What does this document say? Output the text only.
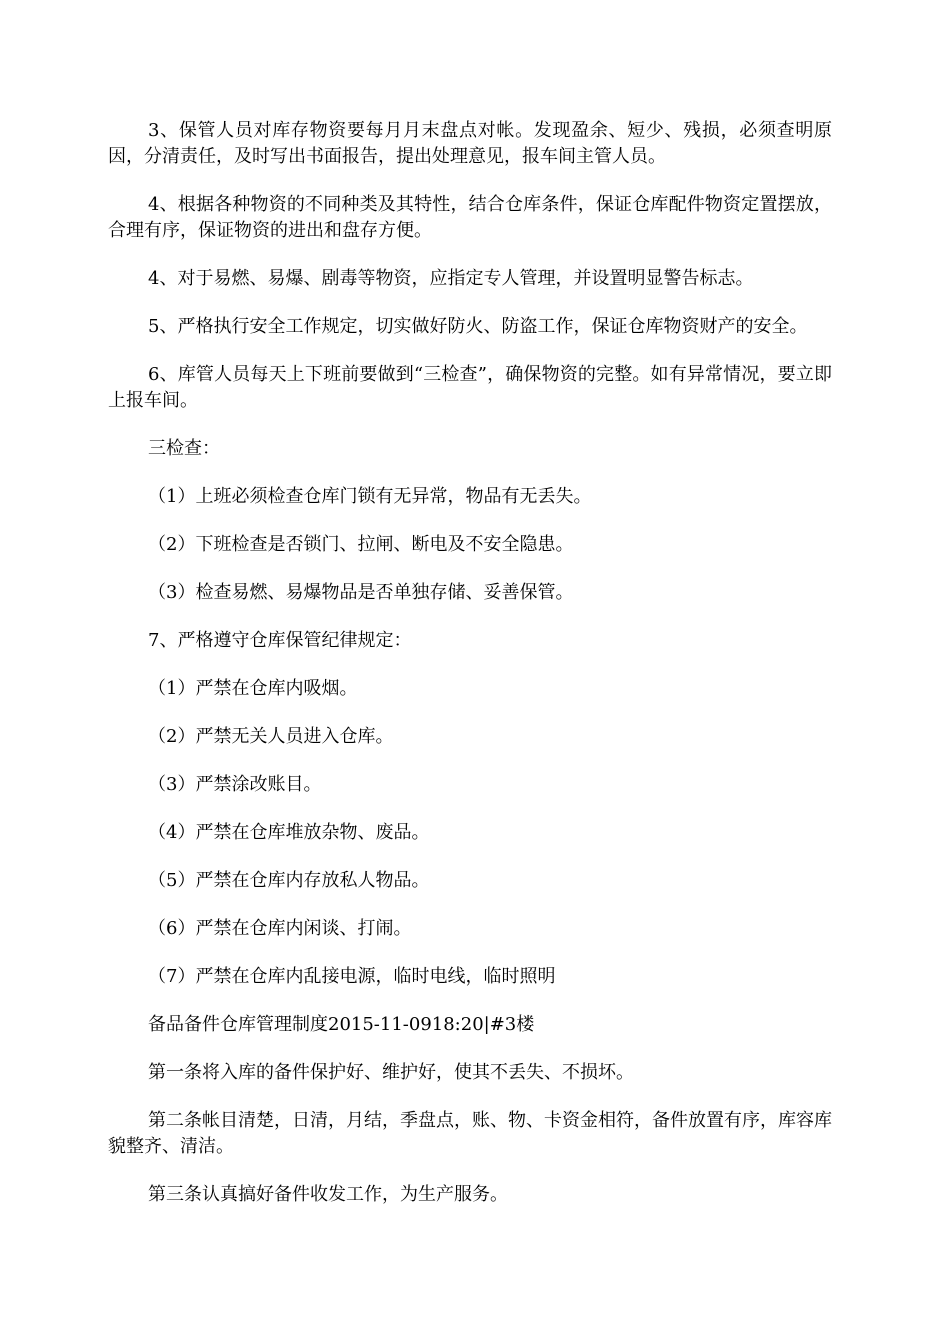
3、保管人员对库存物资要每月月末盘点对帐。发现盈余、短少、残损，必须查明原因，分清责任，及时写出书面报告，提出处理意见，报车间主管人员。

4、根据各种物资的不同种类及其特性，结合仓库条件，保证仓库配件物资定置摆放，合理有序，保证物资的进出和盘存方便。

4、对于易燃、易爆、剧毒等物资，应指定专人管理，并设置明显警告标志。

5、严格执行安全工作规定，切实做好防火、防盗工作，保证仓库物资财产的安全。

6、库管人员每天上下班前要做到“三检查”，确保物资的完整。如有异常情况，要立即上报车间。

三检查：

（1）上班必须检查仓库门锁有无异常，物品有无丢失。

（2）下班检查是否锁门、拉闸、断电及不安全隐患。

（3）检查易燃、易爆物品是否单独存储、妥善保管。

7、严格遵守仓库保管纪律规定：

（1）严禁在仓库内吸烟。

（2）严禁无关人员进入仓库。

（3）严禁涂改账目。

（4）严禁在仓库堆放杂物、废品。

（5）严禁在仓库内存放私人物品。

（6）严禁在仓库内闲谈、打闹。

（7）严禁在仓库内乱接电源，临时电线，临时照明

备品备件仓库管理制度2015-11-0918:20|#3楼

第一条将入库的备件保护好、维护好，使其不丢失、不损坏。

第二条帐目清楚，日清，月结，季盘点，账、物、卡资金相符，备件放置有序，库容库貌整齐、清洁。

第三条认真搞好备件收发工作，为生产服务。
